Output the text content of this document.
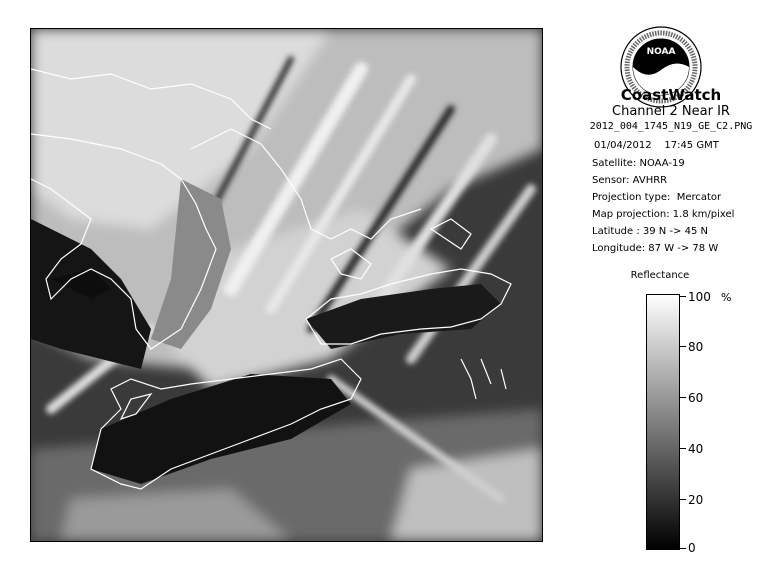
NOAA
CoastWatch
Channel 2 Near IR
2012_004_1745_N19_GE_C2.PNG
01/04/2012    17:45 GMT
Satellite: NOAA-19
Sensor: AVHRR
Projection type:  Mercator
Map projection: 1.8 km/pixel
Latitude : 39 N -> 45 N
Longitude: 87 W -> 78 W
Reflectance
%
100
80
60
40
20
0
